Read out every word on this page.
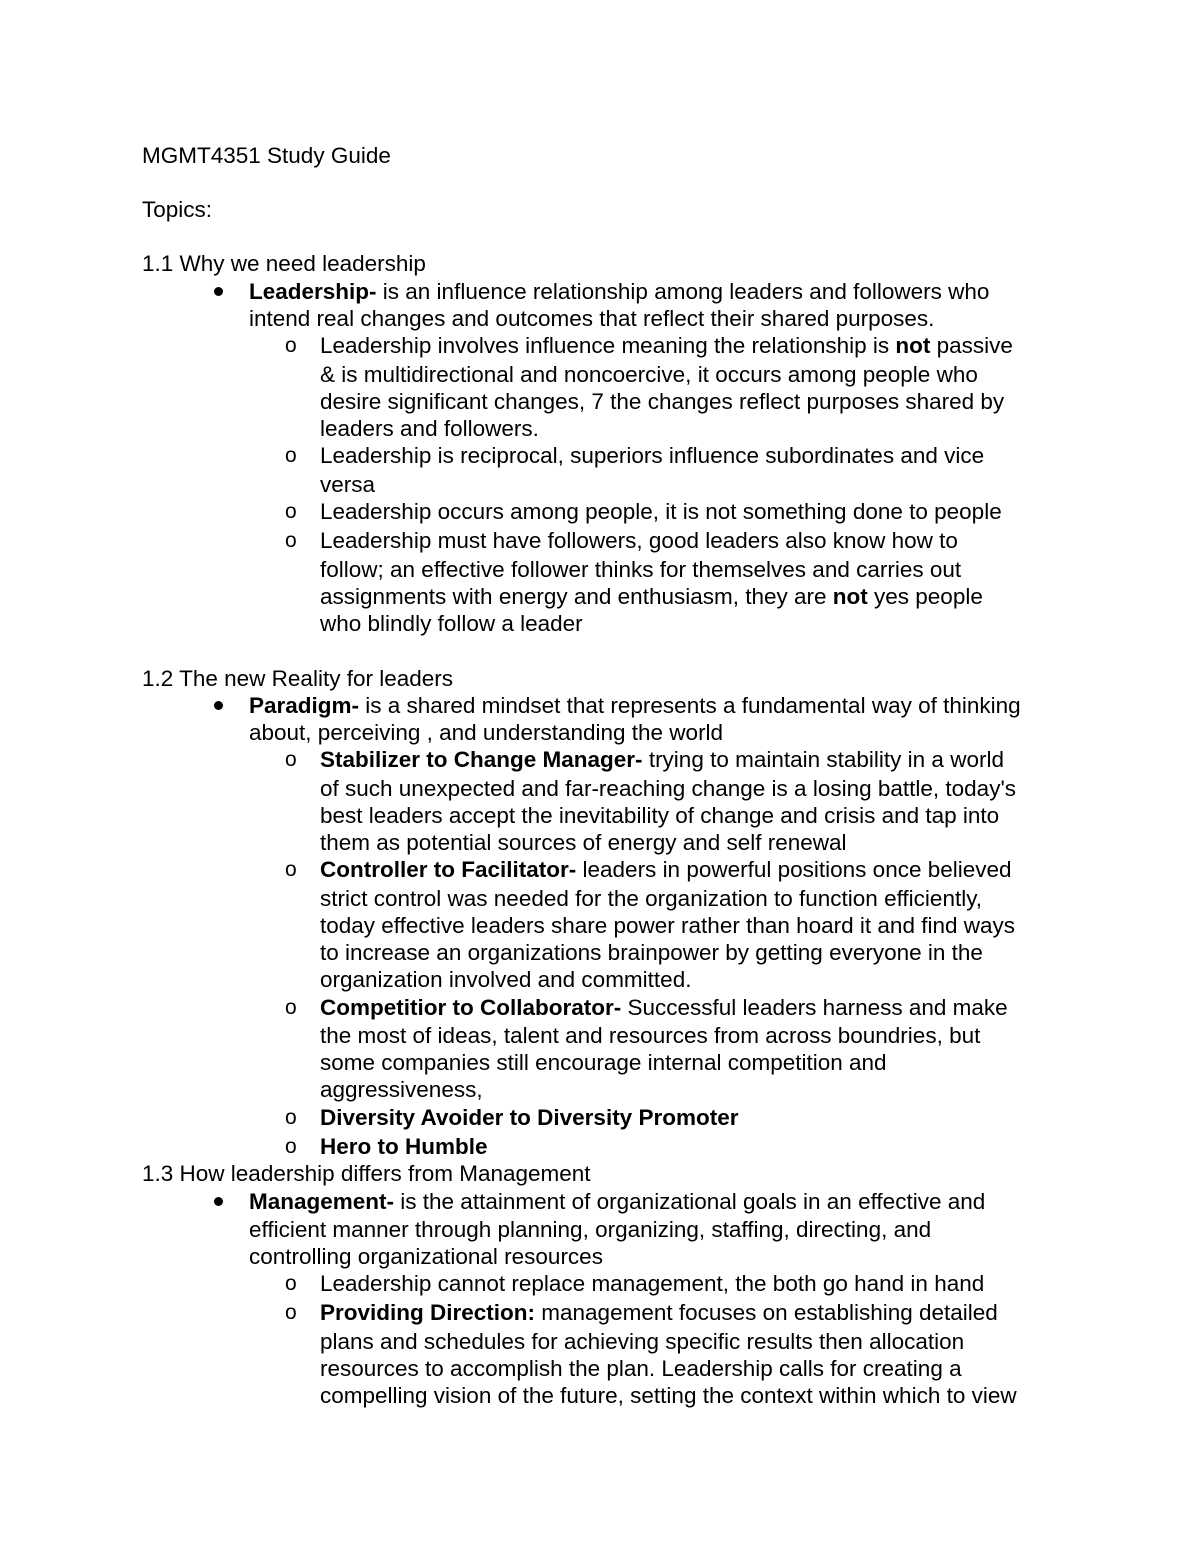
MGMT4351 Study Guide
Topics:
1.1 Why we need leadership
Leadership- is an influence relationship among leaders and followers who
intend real changes and outcomes that reflect their shared purposes.
o Leadership involves influence meaning the relationship is not passive
& is multidirectional and noncoercive, it occurs among people who
desire significant changes, 7 the changes reflect purposes shared by
leaders and followers.
o Leadership is reciprocal, superiors influence subordinates and vice
versa
o Leadership occurs among people, it is not something done to people
o Leadership must have followers, good leaders also know how to
follow; an effective follower thinks for themselves and carries out
assignments with energy and enthusiasm, they are not yes people
who blindly follow a leader
1.2 The new Reality for leaders
Paradigm- is a shared mindset that represents a fundamental way of thinking
about, perceiving , and understanding the world
o Stabilizer to Change Manager- trying to maintain stability in a world
of such unexpected and far-reaching change is a losing battle, today's
best leaders accept the inevitability of change and crisis and tap into
them as potential sources of energy and self renewal
o Controller to Facilitator- leaders in powerful positions once believed
strict control was needed for the organization to function efficiently,
today effective leaders share power rather than hoard it and find ways
to increase an organizations brainpower by getting everyone in the
organization involved and committed.
o Competitior to Collaborator- Successful leaders harness and make
the most of ideas, talent and resources from across boundries, but
some companies still encourage internal competition and
aggressiveness,
o Diversity Avoider to Diversity Promoter
o Hero to Humble
1.3 How leadership differs from Management
Management- is the attainment of organizational goals in an effective and
efficient manner through planning, organizing, staffing, directing, and
controlling organizational resources
o Leadership cannot replace management, the both go hand in hand
o Providing Direction: management focuses on establishing detailed
plans and schedules for achieving specific results then allocation
resources to accomplish the plan. Leadership calls for creating a
compelling vision of the future, setting the context within which to view
